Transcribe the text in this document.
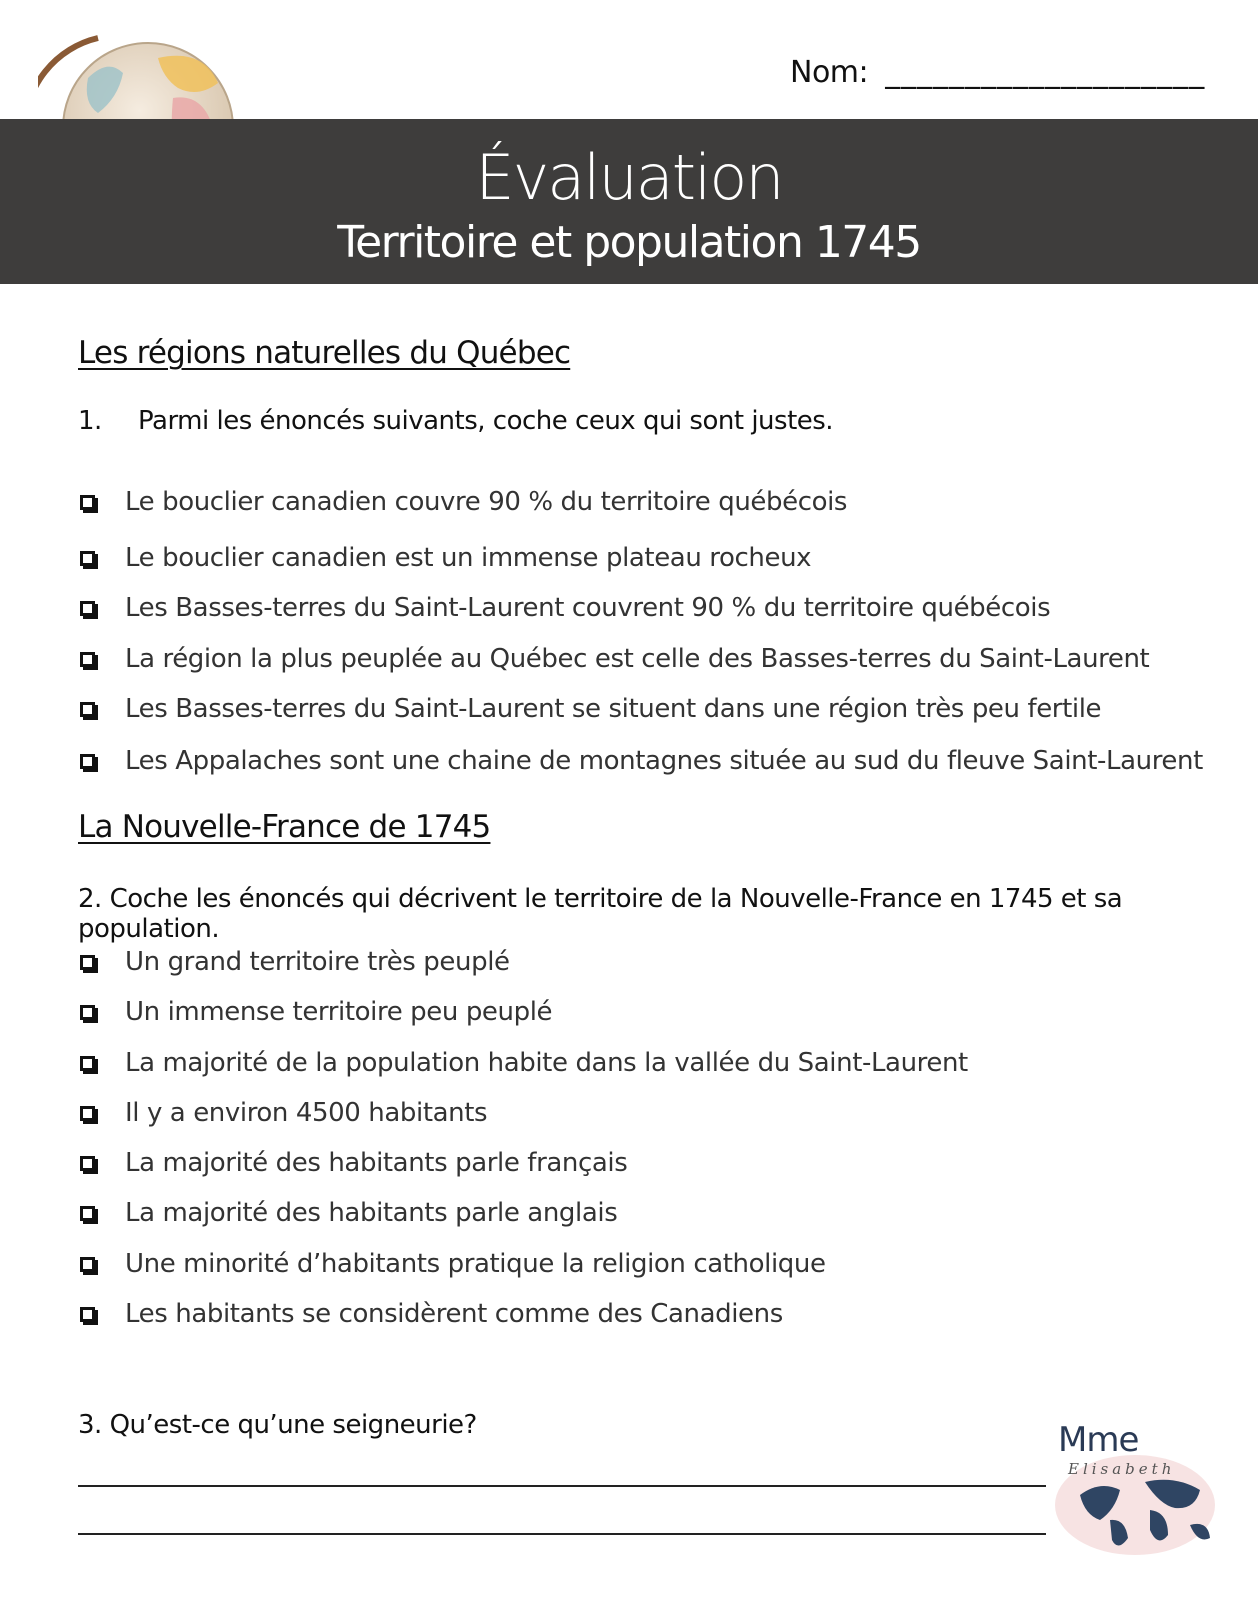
Nom: ____________________
Évaluation
Territoire et population 1745
Les régions naturelles du Québec
1. Parmi les énoncés suivants, coche ceux qui sont justes.
Le bouclier canadien couvre 90 % du territoire québécois
Le bouclier canadien est un immense plateau rocheux
Les Basses-terres du Saint-Laurent couvrent 90 % du territoire québécois
La région la plus peuplée au Québec est celle des Basses-terres du Saint-Laurent
Les Basses-terres du Saint-Laurent se situent dans une région très peu fertile
Les Appalaches sont une chaine de montagnes située au sud du fleuve Saint-Laurent
La Nouvelle-France de 1745
2. Coche les énoncés qui décrivent le territoire de la Nouvelle-France en 1745 et sa population.
Un grand territoire très peuplé
Un immense territoire peu peuplé
La majorité de la population habite dans la vallée du Saint-Laurent
Il y a environ 4500 habitants
La majorité des habitants parle français
La majorité des habitants parle anglais
Une minorité d’habitants pratique la religion catholique
Les habitants se considèrent comme des Canadiens
3. Qu’est-ce qu’une seigneurie?	Mme
Elisabeth
